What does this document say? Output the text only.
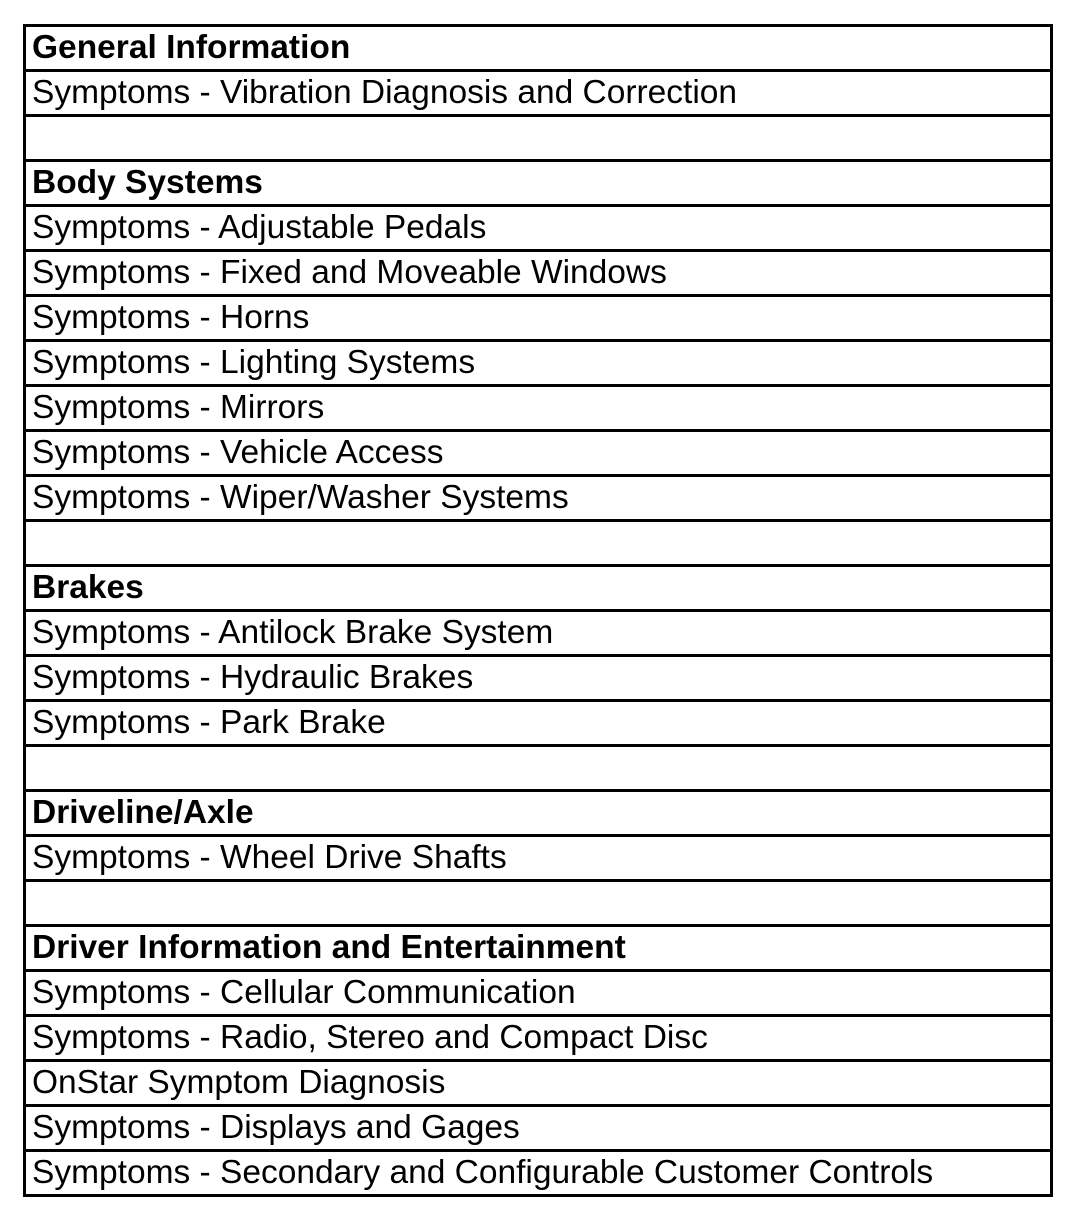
General Information
Symptoms - Vibration Diagnosis and Correction
Body Systems
Symptoms - Adjustable Pedals
Symptoms - Fixed and Moveable Windows
Symptoms - Horns
Symptoms - Lighting Systems
Symptoms - Mirrors
Symptoms - Vehicle Access
Symptoms - Wiper/Washer Systems
Brakes
Symptoms - Antilock Brake System
Symptoms - Hydraulic Brakes
Symptoms - Park Brake
Driveline/Axle
Symptoms - Wheel Drive Shafts
Driver Information and Entertainment
Symptoms - Cellular Communication
Symptoms - Radio, Stereo and Compact Disc
OnStar Symptom Diagnosis
Symptoms - Displays and Gages
Symptoms - Secondary and Configurable Customer Controls
